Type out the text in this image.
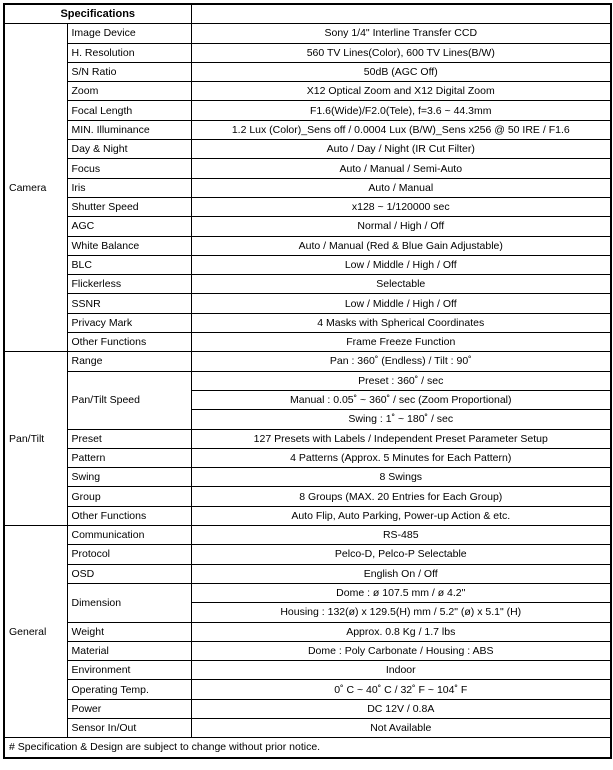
Specifications		
Camera	Image Device	Sony 1/4" Interline Transfer CCD
	H. Resolution	560 TV Lines(Color), 600 TV Lines(B/W)
	S/N Ratio	50dB (AGC Off)
	Zoom	X12 Optical Zoom and X12 Digital Zoom
	Focal Length	F1.6(Wide)/F2.0(Tele), f=3.6 ~ 44.3mm
	MIN. Illuminance	1.2 Lux (Color)_Sens off / 0.0004 Lux (B/W)_Sens x256 @ 50 IRE / F1.6
	Day & Night	Auto / Day / Night (IR Cut Filter)
	Focus	Auto / Manual / Semi-Auto
	Iris	Auto / Manual
	Shutter Speed	x128 ~ 1/120000 sec
	AGC	Normal / High / Off
	White Balance	Auto / Manual (Red & Blue Gain Adjustable)
	BLC	Low / Middle / High / Off
	Flickerless	Selectable
	SSNR	Low / Middle / High / Off
	Privacy Mark	4 Masks with Spherical Coordinates
	Other Functions	Frame Freeze Function
Pan/Tilt	Range	Pan : 360˚ (Endless) / Tilt : 90˚
	Pan/Tilt Speed	Preset : 360˚ / sec
		Manual : 0.05˚ ~ 360˚ / sec (Zoom Proportional)
		Swing : 1˚ ~ 180˚ / sec
	Preset	127 Presets with Labels / Independent Preset Parameter Setup
	Pattern	4 Patterns (Approx. 5 Minutes for Each Pattern)
	Swing	8 Swings
	Group	8 Groups (MAX. 20 Entries for Each Group)
	Other Functions	Auto Flip, Auto Parking, Power-up Action & etc.
General	Communication	RS-485
	Protocol	Pelco-D, Pelco-P Selectable
	OSD	English On / Off
	Dimension	Dome : ø 107.5 mm / ø 4.2"
		Housing : 132(ø) x 129.5(H) mm / 5.2" (ø) x 5.1" (H)
	Weight	Approx. 0.8 Kg / 1.7 lbs
	Material	Dome : Poly Carbonate / Housing : ABS
	Environment	Indoor
	Operating Temp.	0˚ C ~ 40˚ C / 32˚ F ~ 104˚ F
	Power	DC 12V / 0.8A
	Sensor In/Out	Not Available
# Specification & Design are subject to change without prior notice.		
